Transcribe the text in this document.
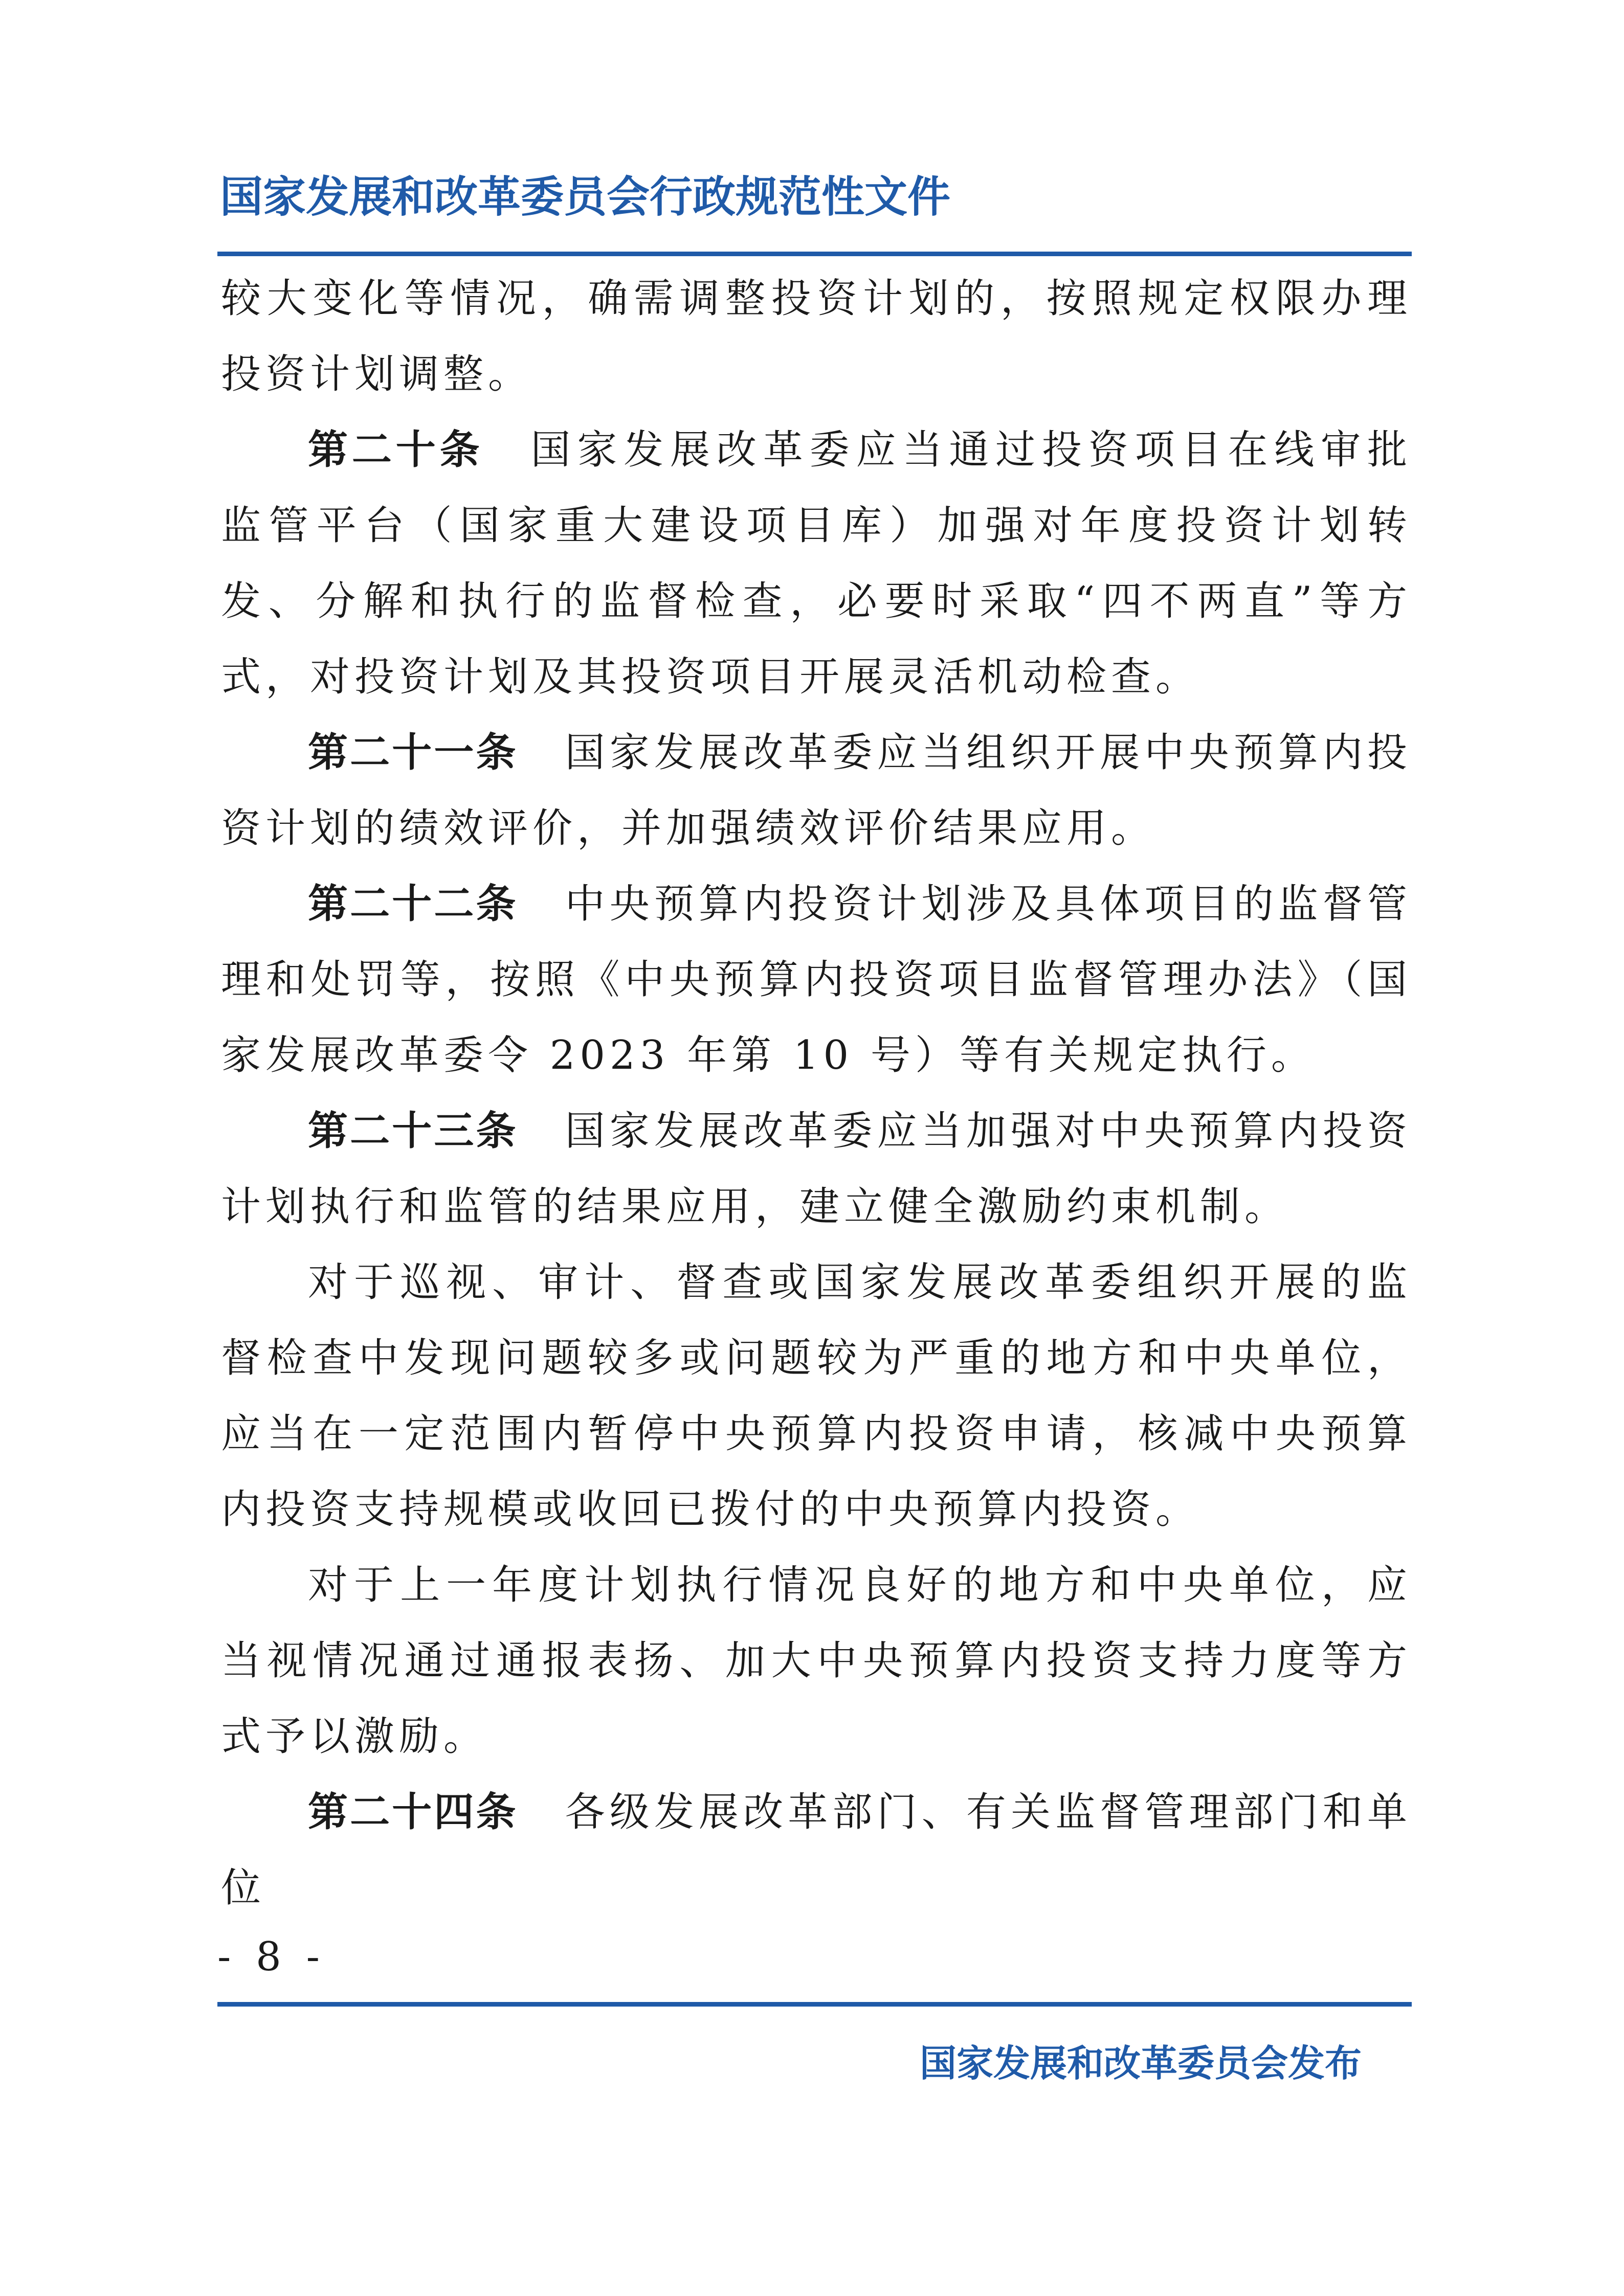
国家发展和改革委员会行政规范性文件

较大变化等情况，确需调整投资计划的，按照规定权限办理投资计划调整。

第二十条 国家发展改革委应当通过投资项目在线审批监管平台（国家重大建设项目库）加强对年度投资计划转发、分解和执行的监督检查，必要时采取“四不两直”等方式，对投资计划及其投资项目开展灵活机动检查。

第二十一条 国家发展改革委应当组织开展中央预算内投资计划的绩效评价，并加强绩效评价结果应用。

第二十二条 中央预算内投资计划涉及具体项目的监督管理和处罚等，按照《中央预算内投资项目监督管理办法》（国家发展改革委令 2023 年第 10 号）等有关规定执行。

第二十三条 国家发展改革委应当加强对中央预算内投资计划执行和监管的结果应用，建立健全激励约束机制。

对于巡视、审计、督查或国家发展改革委组织开展的监督检查中发现问题较多或问题较为严重的地方和中央单位，应当在一定范围内暂停中央预算内投资申请，核减中央预算内投资支持规模或收回已拨付的中央预算内投资。

对于上一年度计划执行情况良好的地方和中央单位，应当视情况通过通报表扬、加大中央预算内投资支持力度等方式予以激励。

第二十四条 各级发展改革部门、有关监督管理部门和单位

- 8 -
国家发展和改革委员会发布
